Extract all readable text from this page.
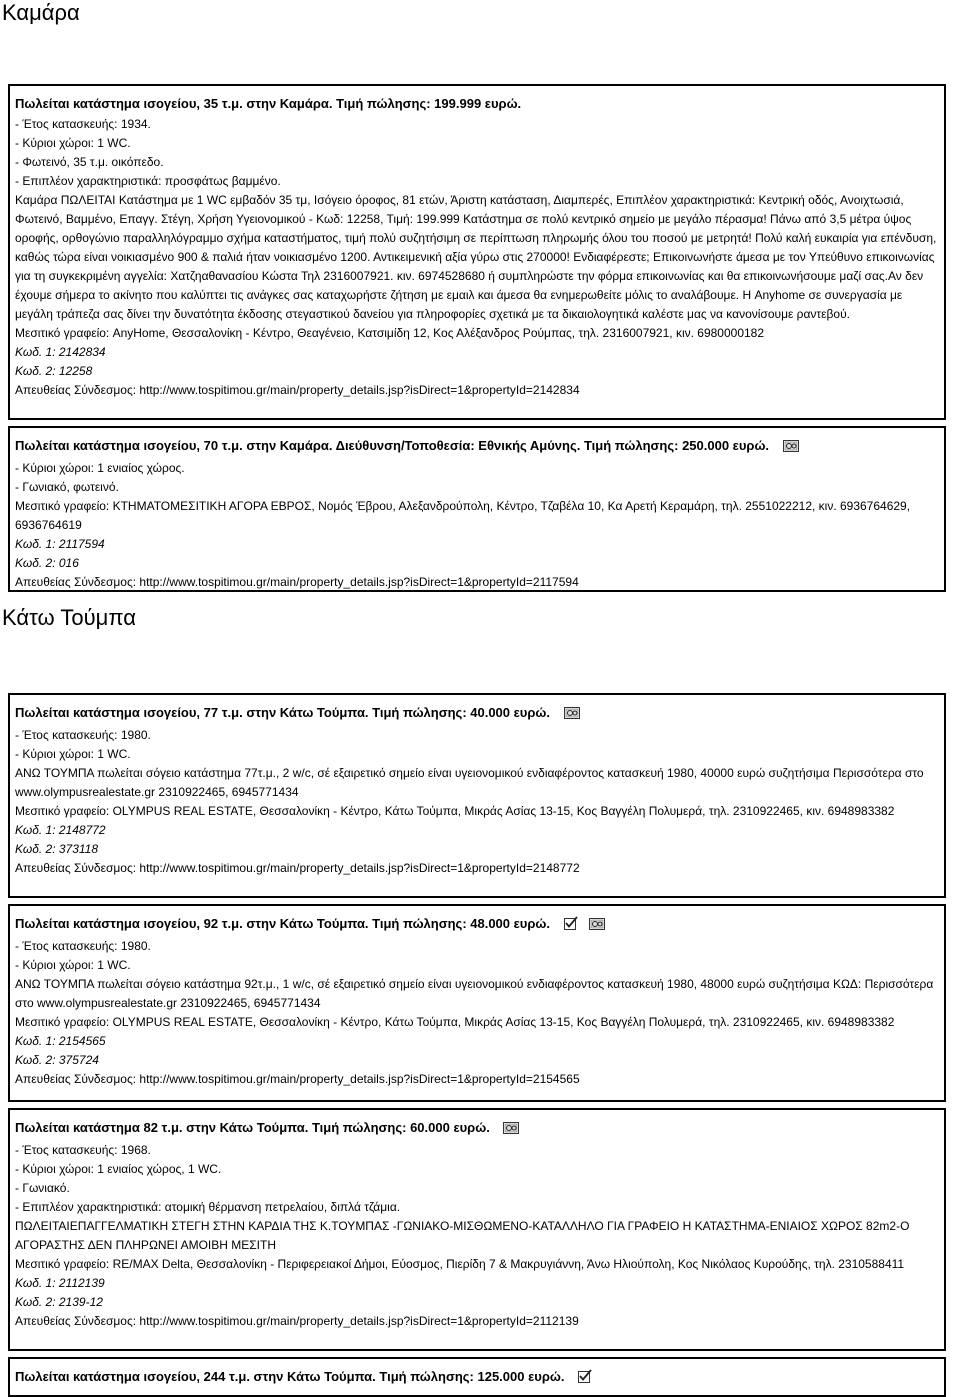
Καμάρα
Πωλείται κατάστημα ισογείου, 35 τ.μ. στην Καμάρα. Τιμή πώλησης: 199.999 ευρώ.
- Έτος κατασκευής: 1934.
- Κύριοι χώροι: 1 WC.
- Φωτεινό, 35 τ.μ. οικόπεδο.
- Επιπλέον χαρακτηριστικά: προσφάτως βαμμένο.
Καμάρα ΠΩΛΕΙΤΑΙ Κατάστημα με 1 WC εμβαδόν 35 τμ, Ισόγειο όροφος, 81 ετών, Άριστη κατάσταση, Διαμπερές, Επιπλέον χαρακτηριστικά: Κεντρική οδός, Ανοιχτωσιά, Φωτεινό, Βαμμένο, Επαγγ. Στέγη, Χρήση Υγειονομικού - Κωδ: 12258, Τιμή: 199.999 Κατάστημα σε πολύ κεντρικό σημείο με μεγάλο πέρασμα! Πάνω από 3,5 μέτρα ύψος οροφής, ορθογώνιο παραλληλόγραμμο σχήμα καταστήματος, τιμή πολύ συζητήσιμη σε περίπτωση πληρωμής όλου του ποσού με μετρητά! Πολύ καλή ευκαιρία για επένδυση, καθώς τώρα είναι νοικιασμένο 900 & παλιά ήταν νοικιασμένο 1200. Αντικειμενική αξία γύρω στις 270000! Ενδιαφέρεστε; Επικοινωνήστε άμεσα με τον Υπεύθυνο επικοινωνίας για τη συγκεκριμένη αγγελία: Χατζηαθανασίου Κώστα Τηλ 2316007921. κιν. 6974528680 ή συμπληρώστε την φόρμα επικοινωνίας και θα επικοινωνήσουμε μαζί σας.Αν δεν έχουμε σήμερα το ακίνητο που καλύπτει τις ανάγκες σας καταχωρήστε ζήτηση με εμαιλ και άμεσα θα ενημερωθείτε μόλις το αναλάβουμε. Η Anyhome σε συνεργασία με μεγάλη τράπεζα σας δίνει την δυνατότητα έκδοσης στεγαστικού δανείου για πληροφορίες σχετικά με τα δικαιολογητικά καλέστε μας να κανονίσουμε ραντεβού.
Μεσιτικό γραφείο: AnyHome, Θεσσαλονίκη - Κέντρο, Θεαγένειο, Κατσιμίδη 12, Κος Αλέξανδρος Ρούμπας, τηλ. 2316007921, κιν. 6980000182
Κωδ. 1: 2142834
Κωδ. 2: 12258
Απευθείας Σύνδεσμος: http://www.tospitimou.gr/main/property_details.jsp?isDirect=1&propertyId=2142834
Πωλείται κατάστημα ισογείου, 70 τ.μ. στην Καμάρα. Διεύθυνση/Τοποθεσία: Εθνικής Αμύνης. Τιμή πώλησης: 250.000 ευρώ.
- Κύριοι χώροι: 1 ενιαίος χώρος.
- Γωνιακό, φωτεινό.
Μεσιτικό γραφείο: ΚΤΗΜΑΤΟΜΕΣΙΤΙΚΗ ΑΓΟΡΑ ΕΒΡΟΣ, Νομός Έβρου, Αλεξανδρούπολη, Κέντρο, Τζαβέλα 10, Κα Αρετή Κεραμάρη, τηλ. 2551022212, κιν. 6936764629, 6936764619
Κωδ. 1: 2117594
Κωδ. 2: 016
Απευθείας Σύνδεσμος: http://www.tospitimou.gr/main/property_details.jsp?isDirect=1&propertyId=2117594
Κάτω Τούμπα
Πωλείται κατάστημα ισογείου, 77 τ.μ. στην Κάτω Τούμπα. Τιμή πώλησης: 40.000 ευρώ.
- Έτος κατασκευής: 1980.
- Κύριοι χώροι: 1 WC.
ΑΝΩ ΤΟΥΜΠΑ πωλείται σόγειο κατάστημα 77τ.μ., 2 w/c, σέ εξαιρετικό σημείο είναι υγειονομικού ενδιαφέροντος κατασκευή 1980, 40000 ευρώ συζητήσιμα Περισσότερα στο www.olympusrealestate.gr 2310922465, 6945771434
Μεσιτικό γραφείο: OLYMPUS REAL ESTATE, Θεσσαλονίκη - Κέντρο, Κάτω Τούμπα, Μικράς Ασίας 13-15, Κος Βαγγέλη Πολυμερά, τηλ. 2310922465, κιν. 6948983382
Κωδ. 1: 2148772
Κωδ. 2: 373118
Απευθείας Σύνδεσμος: http://www.tospitimou.gr/main/property_details.jsp?isDirect=1&propertyId=2148772
Πωλείται κατάστημα ισογείου, 92 τ.μ. στην Κάτω Τούμπα. Τιμή πώλησης: 48.000 ευρώ.
- Έτος κατασκευής: 1980.
- Κύριοι χώροι: 1 WC.
ΑΝΩ ΤΟΥΜΠΑ πωλείται σόγειο κατάστημα 92τ.μ., 1 w/c, σέ εξαιρετικό σημείο είναι υγειονομικού ενδιαφέροντος κατασκευή 1980, 48000 ευρώ συζητήσιμα ΚΩΔ: Περισσότερα στο www.olympusrealestate.gr 2310922465, 6945771434
Μεσιτικό γραφείο: OLYMPUS REAL ESTATE, Θεσσαλονίκη - Κέντρο, Κάτω Τούμπα, Μικράς Ασίας 13-15, Κος Βαγγέλη Πολυμερά, τηλ. 2310922465, κιν. 6948983382
Κωδ. 1: 2154565
Κωδ. 2: 375724
Απευθείας Σύνδεσμος: http://www.tospitimou.gr/main/property_details.jsp?isDirect=1&propertyId=2154565
Πωλείται κατάστημα 82 τ.μ. στην Κάτω Τούμπα. Τιμή πώλησης: 60.000 ευρώ.
- Έτος κατασκευής: 1968.
- Κύριοι χώροι: 1 ενιαίος χώρος, 1 WC.
- Γωνιακό.
- Επιπλέον χαρακτηριστικά: ατομική θέρμανση πετρελαίου, διπλά τζάμια.
ΠΩΛΕΙΤΑΙΕΠΑΓΓΕΛΜΑΤΙΚΗ ΣΤΕΓΗ ΣΤΗΝ ΚΑΡΔΙΑ ΤΗΣ Κ.ΤΟΥΜΠΑΣ -ΓΩΝΙΑΚΟ-ΜΙΣΘΩΜΕΝΟ-ΚΑΤΑΛΛΗΛΟ ΓΙΑ ΓΡΑΦΕΙΟ Η ΚΑΤΑΣΤΗΜΑ-ΕΝΙΑΙΟΣ ΧΩΡΟΣ 82m2-Ο ΑΓΟΡΑΣΤΗΣ ΔΕΝ ΠΛΗΡΩΝΕΙ ΑΜΟΙΒΗ ΜΕΣΙΤΗ
Μεσιτικό γραφείο: RE/MAX Delta, Θεσσαλονίκη - Περιφερειακοί Δήμοι, Εύοσμος, Πιερίδη 7 & Μακρυγιάννη, Άνω Ηλιούπολη, Κος Νικόλαος Κυρούδης, τηλ. 2310588411
Κωδ. 1: 2112139
Κωδ. 2: 2139-12
Απευθείας Σύνδεσμος: http://www.tospitimou.gr/main/property_details.jsp?isDirect=1&propertyId=2112139
Πωλείται κατάστημα ισογείου, 244 τ.μ. στην Κάτω Τούμπα. Τιμή πώλησης: 125.000 ευρώ.
